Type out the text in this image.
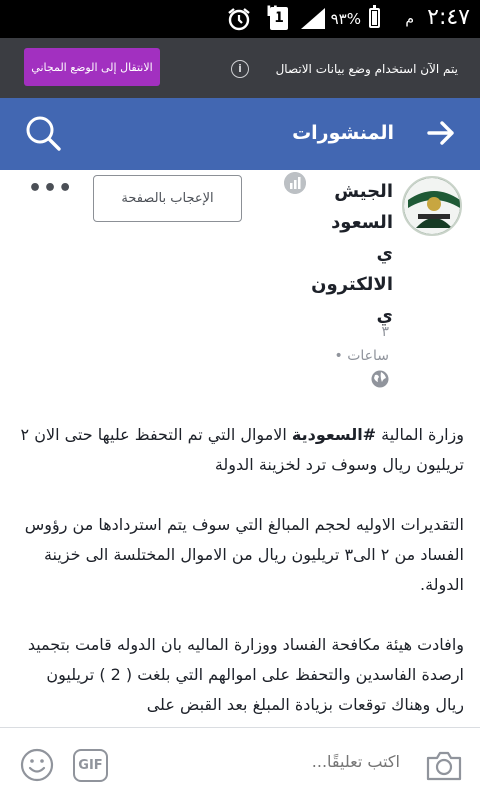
٢:٤٧
م
٩٣%
1
H
الانتقال إلى الوضع المجاني	i	يتم الآن استخدام وضع بيانات الاتصال
المنشورات
الجيش
السعود
ي
الالكترون
ي
٣
ساعات •
الإعجاب بالصفحة
•••

وزارة المالية #السعودية الاموال التي تم التحفظ عليها حتى الان ٢ تريليون ريال وسوف ترد لخزينة الدولة

التقديرات الاوليه لحجم المبالغ التي سوف يتم استردادها من رؤوس الفساد من ٢ الى٣ تريليون ريال من الاموال المختلسة الى خزينة الدولة.

وافادت هيئة مكافحة الفساد ووزارة الماليه بان الدوله قامت بتجميد ارصدة الفاسدين والتحفظ على اموالهم التي بلغت ( 2 ) تريليون ريال وهناك توقعات بزيادة المبلغ بعد القبض على

GIF
اكتب تعليقًا...
